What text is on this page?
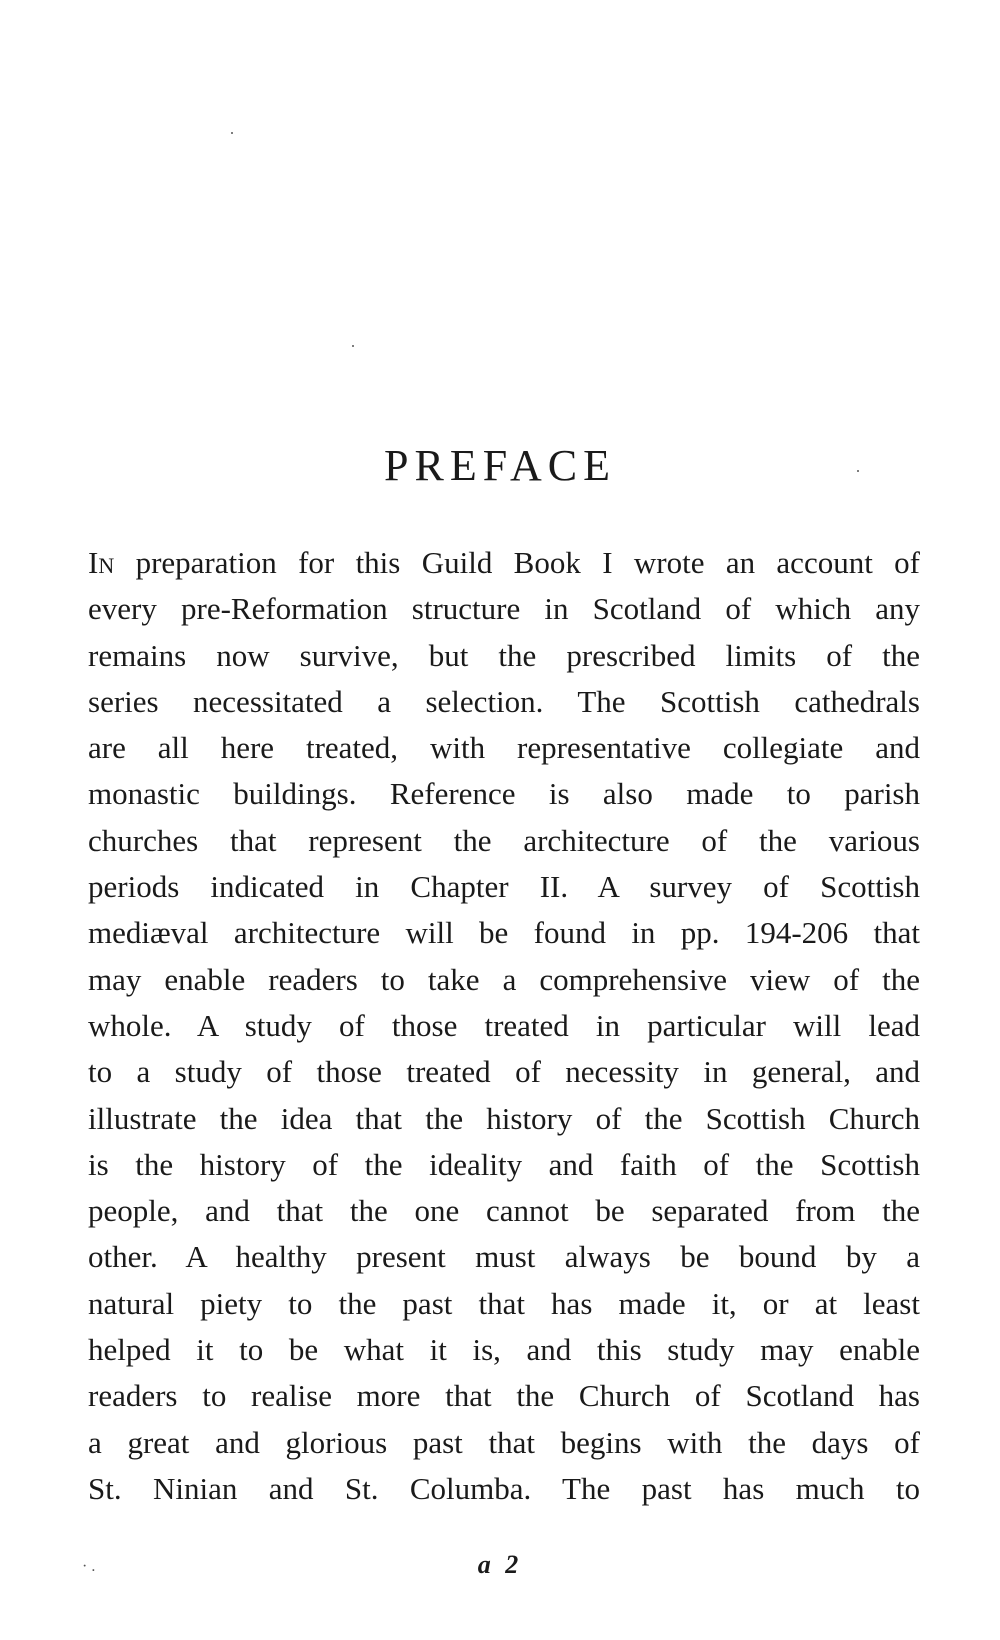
PREFACE
In preparation for this Guild Book I wrote an account of
every pre-Reformation structure in Scotland of which any
remains now survive, but the prescribed limits of the
series necessitated a selection. The Scottish cathedrals
are all here treated, with representative collegiate and
monastic buildings. Reference is also made to parish
churches that represent the architecture of the various
periods indicated in Chapter II. A survey of Scottish
mediæval architecture will be found in pp. 194-206 that
may enable readers to take a comprehensive view of the
whole. A study of those treated in particular will lead
to a study of those treated of necessity in general, and
illustrate the idea that the history of the Scottish Church
is the history of the ideality and faith of the Scottish
people, and that the one cannot be separated from the
other. A healthy present must always be bound by a
natural piety to the past that has made it, or at least
helped it to be what it is, and this study may enable
readers to realise more that the Church of Scotland has
a great and glorious past that begins with the days of
St. Ninian and St. Columba. The past has much to
· .	a 2
